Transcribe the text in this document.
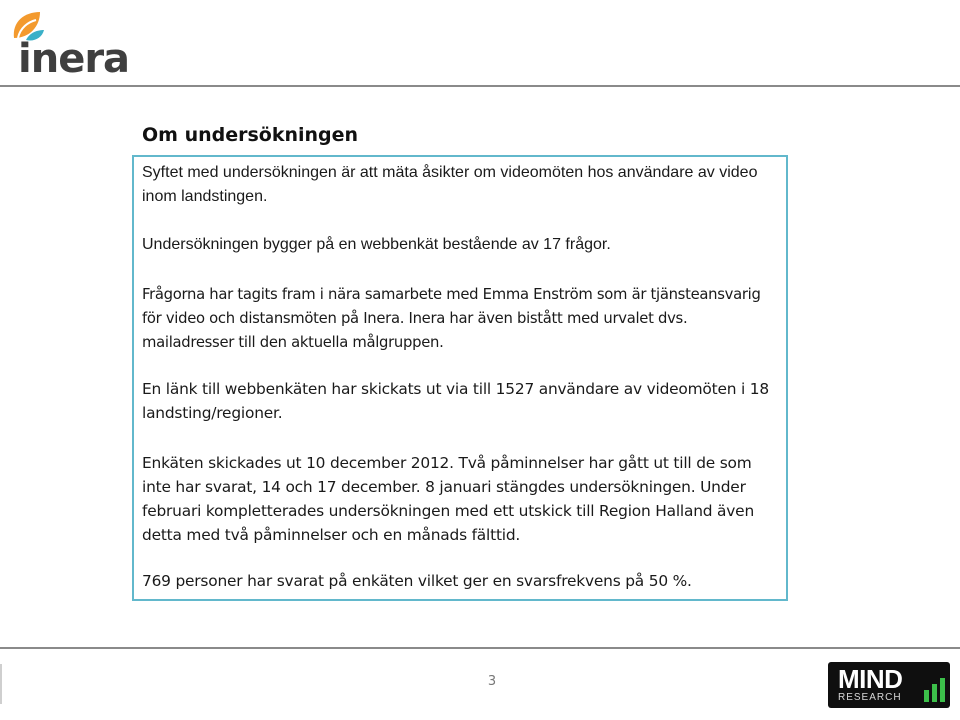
inera
Om undersökningen

Syftet med undersökningen är att mäta åsikter om videomöten hos användare av video inom landstingen.

Undersökningen bygger på en webbenkät bestående av 17 frågor.

Frågorna har tagits fram i nära samarbete med Emma Enström som är tjänsteansvarig för video och distansmöten på Inera. Inera har även bistått med urvalet dvs. mailadresser till den aktuella målgruppen.

En länk till webbenkäten har skickats ut via till 1527 användare av videomöten i 18 landsting/regioner.

Enkäten skickades ut 10 december 2012. Två påminnelser har gått ut till de som inte har svarat, 14 och 17 december. 8 januari stängdes undersökningen. Under februari kompletterades undersökningen med ett utskick till Region Halland även detta med två påminnelser och en månads fälttid.

769 personer har svarat på enkäten vilket ger en svarsfrekvens på 50 %.

3	MIND
RESEARCH
